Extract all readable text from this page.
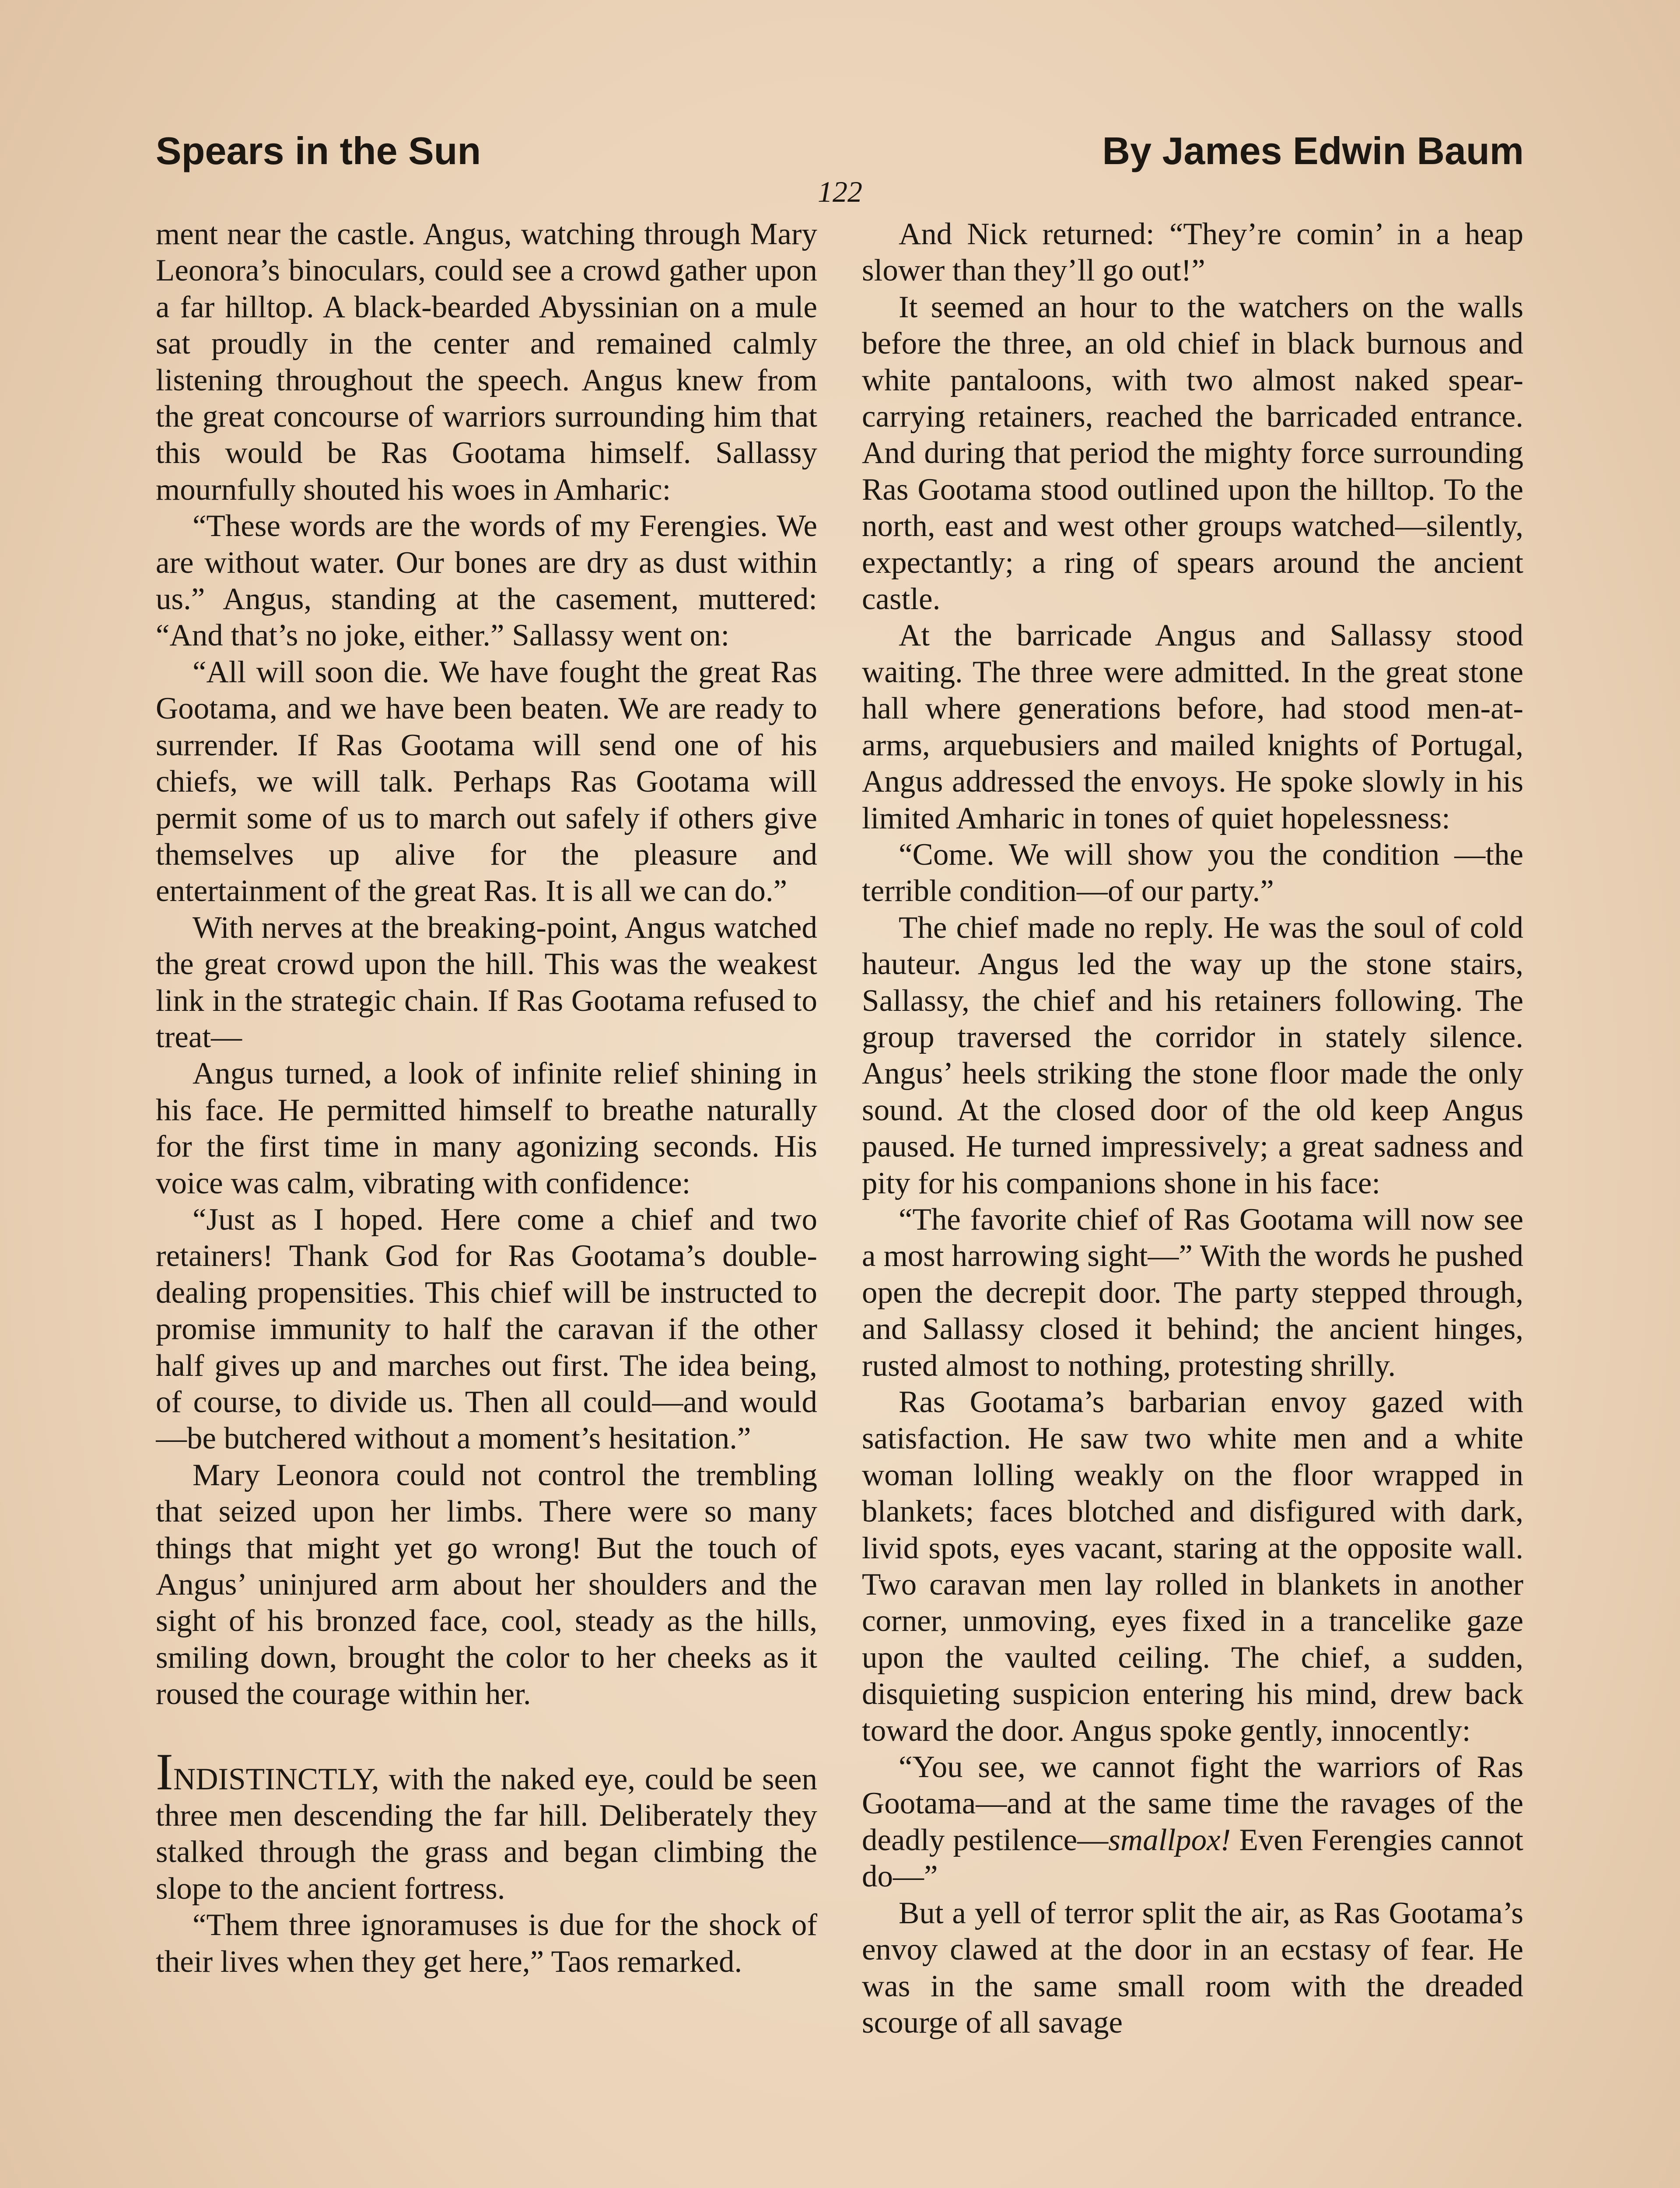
Spears in the Sun	By James Edwin Baum
122

ment near the castle. Angus, watching through Mary Leonora’s binoculars, could see a crowd gather upon a far hilltop. A black-bearded Abyssinian on a mule sat proudly in the center and remained calmly listening throughout the speech. Angus knew from the great concourse of warriors surrounding him that this would be Ras Gootama himself. Sallassy mournfully shouted his woes in Amharic:

“These words are the words of my Ferengies. We are without water. Our bones are dry as dust within us.” Angus, standing at the casement, muttered: “And that’s no joke, either.” Sallassy went on:

“All will soon die. We have fought the great Ras Gootama, and we have been beaten. We are ready to surrender. If Ras Gootama will send one of his chiefs, we will talk. Perhaps Ras Gootama will permit some of us to march out safely if others give themselves up alive for the pleasure and entertainment of the great Ras. It is all we can do.”

With nerves at the breaking-point, Angus watched the great crowd upon the hill. This was the weakest link in the strategic chain. If Ras Gootama refused to treat—

Angus turned, a look of infinite relief shining in his face. He permitted himself to breathe naturally for the first time in many agonizing seconds. His voice was calm, vibrating with confidence:

“Just as I hoped. Here come a chief and two retainers! Thank God for Ras Gootama’s double-dealing propensities. This chief will be instructed to promise immunity to half the caravan if the other half gives up and marches out first. The idea being, of course, to divide us. Then all could—and would—be butchered without a moment’s hesitation.”

Mary Leonora could not control the trembling that seized upon her limbs. There were so many things that might yet go wrong! But the touch of Angus’ uninjured arm about her shoulders and the sight of his bronzed face, cool, steady as the hills, smiling down, brought the color to her cheeks as it roused the courage within her.

INDISTINCTLY, with the naked eye, could be seen three men descending the far hill. Deliberately they stalked through the grass and began climbing the slope to the ancient fortress.

“Them three ignoramuses is due for the shock of their lives when they get here,” Taos remarked.

And Nick returned: “They’re comin’ in a heap slower than they’ll go out!”

It seemed an hour to the watchers on the walls before the three, an old chief in black burnous and white pantaloons, with two almost naked spear-carrying retainers, reached the barricaded entrance. And during that period the mighty force surrounding Ras Gootama stood outlined upon the hilltop. To the north, east and west other groups watched—silently, expectantly; a ring of spears around the ancient castle.

At the barricade Angus and Sallassy stood waiting. The three were admitted. In the great stone hall where generations before, had stood men-at-arms, arquebusiers and mailed knights of Portugal, Angus addressed the envoys. He spoke slowly in his limited Amharic in tones of quiet hopelessness:

“Come. We will show you the condition —the terrible condition—of our party.”

The chief made no reply. He was the soul of cold hauteur. Angus led the way up the stone stairs, Sallassy, the chief and his retainers following. The group traversed the corridor in stately silence. Angus’ heels striking the stone floor made the only sound. At the closed door of the old keep Angus paused. He turned impressively; a great sadness and pity for his companions shone in his face:

“The favorite chief of Ras Gootama will now see a most harrowing sight—” With the words he pushed open the decrepit door. The party stepped through, and Sallassy closed it behind; the ancient hinges, rusted almost to nothing, protesting shrilly.

Ras Gootama’s barbarian envoy gazed with satisfaction. He saw two white men and a white woman lolling weakly on the floor wrapped in blankets; faces blotched and disfigured with dark, livid spots, eyes vacant, staring at the opposite wall. Two caravan men lay rolled in blankets in another corner, unmoving, eyes fixed in a trancelike gaze upon the vaulted ceiling. The chief, a sudden, disquieting suspicion entering his mind, drew back toward the door. Angus spoke gently, innocently:

“You see, we cannot fight the warriors of Ras Gootama—and at the same time the ravages of the deadly pestilence—smallpox! Even Ferengies cannot do—”

But a yell of terror split the air, as Ras Gootama’s envoy clawed at the door in an ecstasy of fear. He was in the same small room with the dreaded scourge of all savage
